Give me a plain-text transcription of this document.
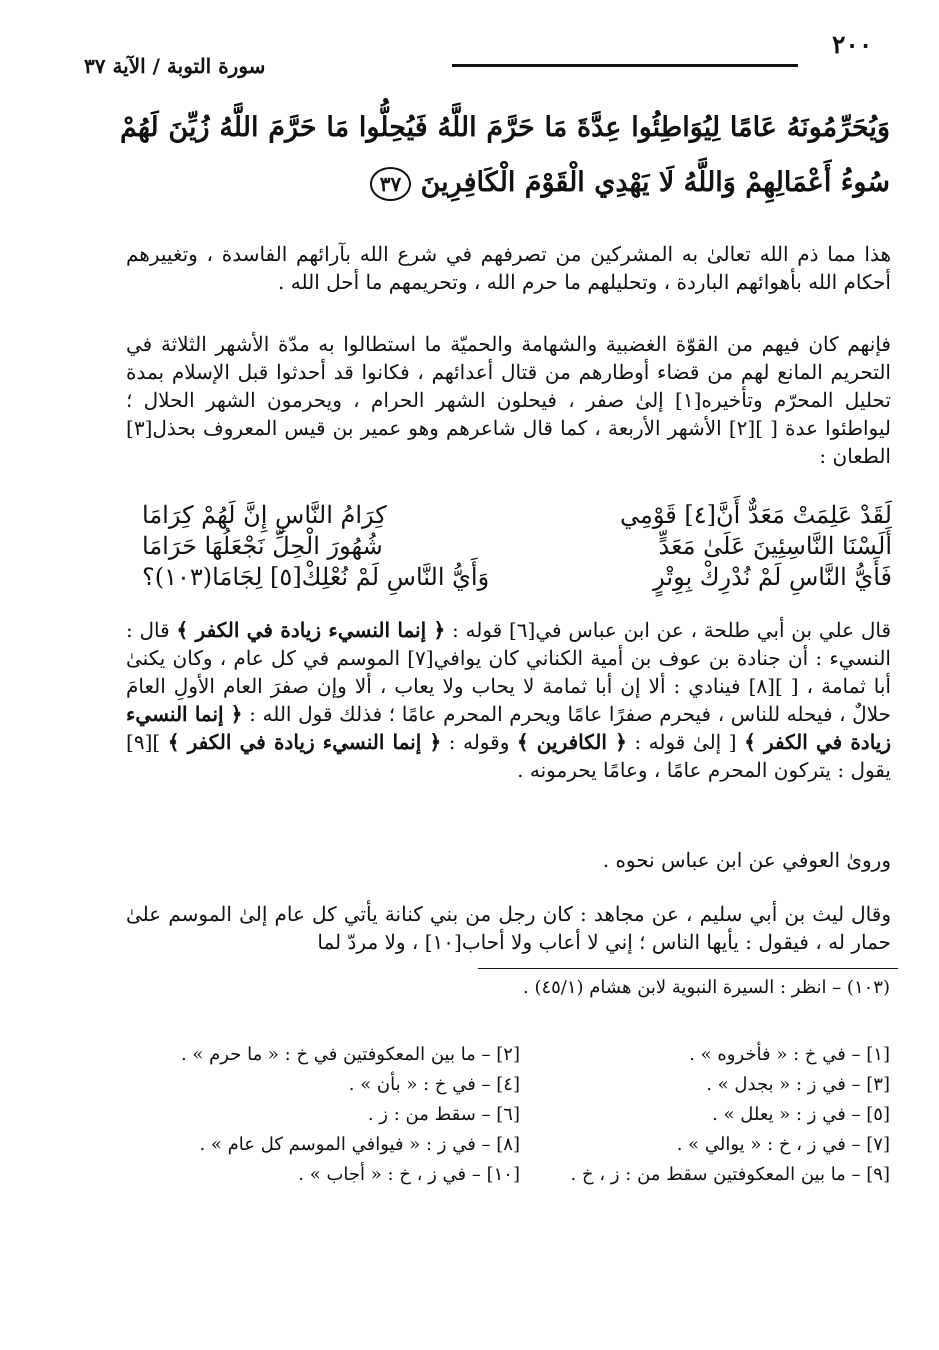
٢٠٠
سورة التوبة / الآية ٣٧
وَيُحَرِّمُونَهُ عَامًا لِيُوَاطِئُوا عِدَّةَ مَا حَرَّمَ اللَّهُ فَيُحِلُّوا مَا حَرَّمَ اللَّهُ زُيِّنَ لَهُمْ سُوءُ أَعْمَالِهِمْ وَاللَّهُ لَا يَهْدِي الْقَوْمَ الْكَافِرِينَ ٣٧
هذا مما ذم الله تعالىٰ به المشركين من تصرفهم في شرع الله بآرائهم الفاسدة ، وتغييرهم أحكام الله بأهوائهم الباردة ، وتحليلهم ما حرم الله ، وتحريمهم ما أحل الله .
فإنهم كان فيهم من القوّة الغضبية والشهامة والحميّة ما استطالوا به مدّة الأشهر الثلاثة في التحريم المانع لهم من قضاء أوطارهم من قتال أعدائهم ، فكانوا قد أحدثوا قبل الإسلام بمدة تحليل المحرّم وتأخيره[١] إلىٰ صفر ، فيحلون الشهر الحرام ، ويحرمون الشهر الحلال ؛ ليواطئوا عدة [ ][٢] الأشهر الأربعة ، كما قال شاعرهم وهو عمير بن قيس المعروف بحذل[٣] الطعان :
لَقَدْ عَلِمَتْ مَعَدٌّ أَنَّ[٤] قَوْمِي
كِرَامُ النَّاسِ إِنَّ لَهُمْ كِرَامَا
أَلَسْنَا النَّاسِئِينَ عَلَىٰ مَعَدٍّ
شُهُورَ الْحِلِّ نَجْعَلُهَا حَرَامَا
فَأَيُّ النَّاسِ لَمْ نُدْرِكْ بِوِتْرٍ
وَأَيُّ النَّاسِ لَمْ نُعْلِكْ[٥] لِجَامَا(١٠٣)؟
قال علي بن أبي طلحة ، عن ابن عباس في[٦] قوله : ﴿ إنما النسيء زيادة في الكفر ﴾ قال : النسيء : أن جنادة بن عوف بن أمية الكناني كان يوافي[٧] الموسم في كل عام ، وكان يكنىٰ أبا ثمامة ، [ ][٨] فينادي : ألا إن أبا ثمامة لا يحاب ولا يعاب ، ألا وإن صفرَ العام الأولِ العامَ حلالٌ ، فيحله للناس ، فيحرم صفرًا عامًا ويحرم المحرم عامًا ؛ فذلك قول الله : ﴿ إنما النسيء زيادة في الكفر ﴾ [ إلىٰ قوله : ﴿ الكافرين ﴾ وقوله : ﴿ إنما النسيء زيادة في الكفر ﴾ ][٩] يقول : يتركون المحرم عامًا ، وعامًا يحرمونه .
وروىٰ العوفي عن ابن عباس نحوه .
وقال ليث بن أبي سليم ، عن مجاهد : كان رجل من بني كنانة يأتي كل عام إلىٰ الموسم علىٰ حمار له ، فيقول : يأيها الناس ؛ إني لا أعاب ولا أحاب[١٠] ، ولا مردّ لما
(١٠٣) – انظر : السيرة النبوية لابن هشام (٤٥/١) .
[١] – في خ : « فأخروه » .
[٣] – في ز : « بجدل » .
[٥] – في ز : « يعلل » .
[٧] – في ز ، خ : « يوالي » .
[٩] – ما بين المعكوفتين سقط من : ز ، خ .
[٢] – ما بين المعكوفتين في خ : « ما حرم » .
[٤] – في خ : « بأن » .
[٦] – سقط من : ز .
[٨] – في ز : « فيوافي الموسم كل عام » .
[١٠] – في ز ، خ : « أجاب » .
